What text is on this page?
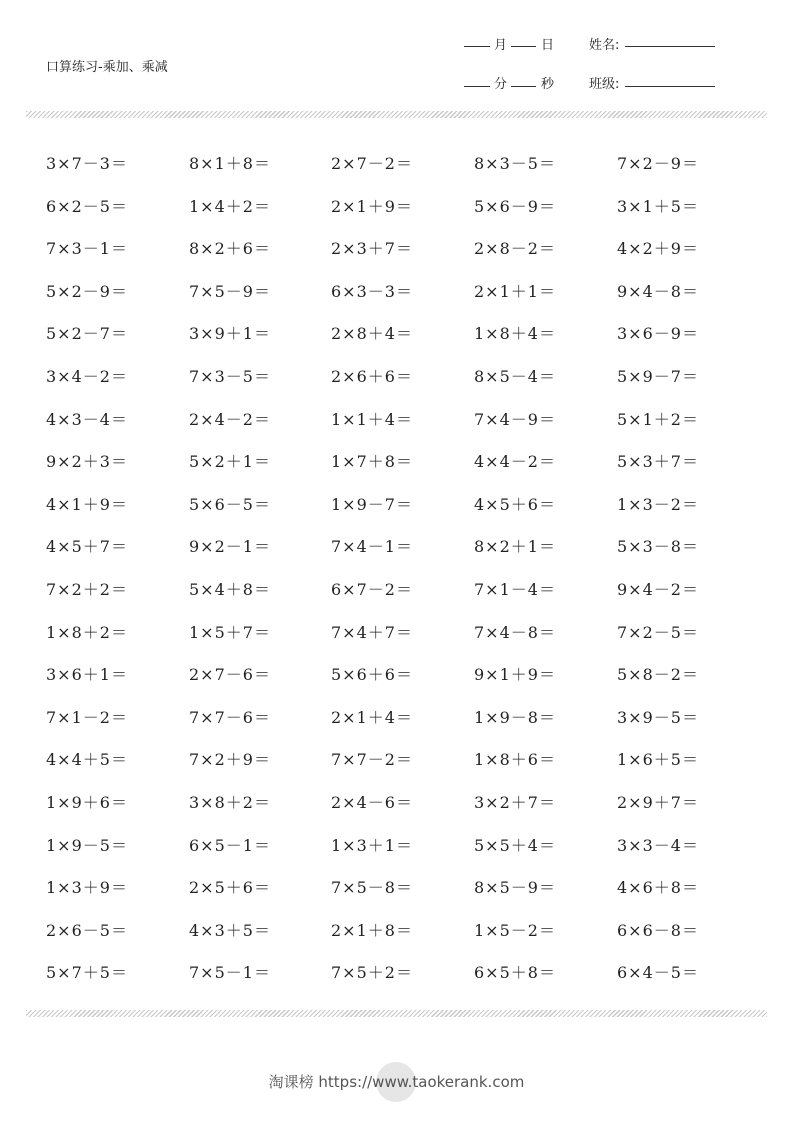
口算练习-乘加、乘减
月	日
分	秒
姓名:
班级:
3×7－3＝	8×1＋8＝	2×7－2＝	8×3－5＝	7×2－9＝
6×2－5＝	1×4＋2＝	2×1＋9＝	5×6－9＝	3×1＋5＝
7×3－1＝	8×2＋6＝	2×3＋7＝	2×8－2＝	4×2＋9＝
5×2－9＝	7×5－9＝	6×3－3＝	2×1＋1＝	9×4－8＝
5×2－7＝	3×9＋1＝	2×8＋4＝	1×8＋4＝	3×6－9＝
3×4－2＝	7×3－5＝	2×6＋6＝	8×5－4＝	5×9－7＝
4×3－4＝	2×4－2＝	1×1＋4＝	7×4－9＝	5×1＋2＝
9×2＋3＝	5×2＋1＝	1×7＋8＝	4×4－2＝	5×3＋7＝
4×1＋9＝	5×6－5＝	1×9－7＝	4×5＋6＝	1×3－2＝
4×5＋7＝	9×2－1＝	7×4－1＝	8×2＋1＝	5×3－8＝
7×2＋2＝	5×4＋8＝	6×7－2＝	7×1－4＝	9×4－2＝
1×8＋2＝	1×5＋7＝	7×4＋7＝	7×4－8＝	7×2－5＝
3×6＋1＝	2×7－6＝	5×6＋6＝	9×1＋9＝	5×8－2＝
7×1－2＝	7×7－6＝	2×1＋4＝	1×9－8＝	3×9－5＝
4×4＋5＝	7×2＋9＝	7×7－2＝	1×8＋6＝	1×6＋5＝
1×9＋6＝	3×8＋2＝	2×4－6＝	3×2＋7＝	2×9＋7＝
1×9－5＝	6×5－1＝	1×3＋1＝	5×5＋4＝	3×3－4＝
1×3＋9＝	2×5＋6＝	7×5－8＝	8×5－9＝	4×6＋8＝
2×6－5＝	4×3＋5＝	2×1＋8＝	1×5－2＝	6×6－8＝
5×7＋5＝	7×5－1＝	7×5＋2＝	6×5＋8＝	6×4－5＝
淘课榜 https://www.taokerank.com
